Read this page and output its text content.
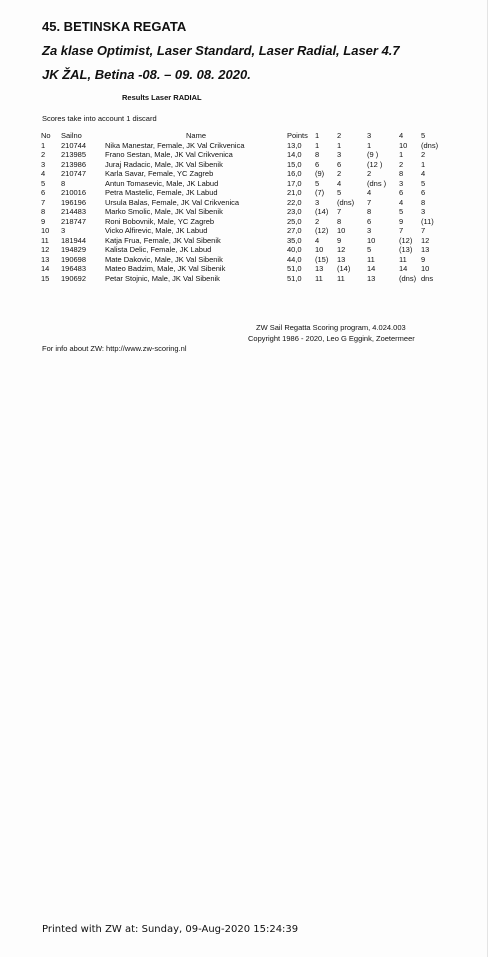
45. BETINSKA REGATA
Za klase Optimist, Laser Standard, Laser Radial, Laser 4.7
JK ŽAL, Betina -08. – 09. 08. 2020.
Results Laser RADIAL
Scores take into account 1 discard
No	Sailno	Name	Points	1	2	3	4	5
1	210744	Nika Manestar, Female, JK Val Crikvenica	13,0	1	1	1	10	(dns)
2	213985	Frano Sestan, Male, JK Val Crikvenica	14,0	8	3	(9 )	1	2
3	213986	Juraj Radacic, Male, JK Val Sibenik	15,0	6	6	(12 )	2	1
4	210747	Karla Savar, Female, YC Zagreb	16,0	(9)	2	2	8	4
5	8	Antun Tomasevic, Male, JK Labud	17,0	5	4	(dns )	3	5
6	210016	Petra Mastelic, Female, JK Labud	21,0	(7)	5	4	6	6
7	196196	Ursula Balas, Female, JK Val Crikvenica	22,0	3	(dns)	7	4	8
8	214483	Marko Smolic, Male, JK Val Sibenik	23,0	(14)	7	8	5	3
9	218747	Roni Bobovnik, Male, YC Zagreb	25,0	2	8	6	9	(11)
10	3	Vicko Alfirevic, Male, JK Labud	27,0	(12)	10	3	7	7
11	181944	Katja Frua, Female, JK Val Sibenik	35,0	4	9	10	(12)	12
12	194829	Kalista Delic, Female, JK Labud	40,0	10	12	5	(13)	13
13	190698	Mate Dakovic, Male, JK Val Sibenik	44,0	(15)	13	11	11	9
14	196483	Mateo Badzim, Male, JK Val Sibenik	51,0	13	(14)	14	14	10
15	190692	Petar Stojnic, Male, JK Val Sibenik	51,0	11	11	13	(dns)	dns
ZW Sail Regatta Scoring program, 4.024.003
Copyright 1986 - 2020, Leo G Eggink, Zoetermeer
For info about ZW: http://www.zw-scoring.nl
Printed with ZW at: Sunday, 09-Aug-2020 15:24:39
